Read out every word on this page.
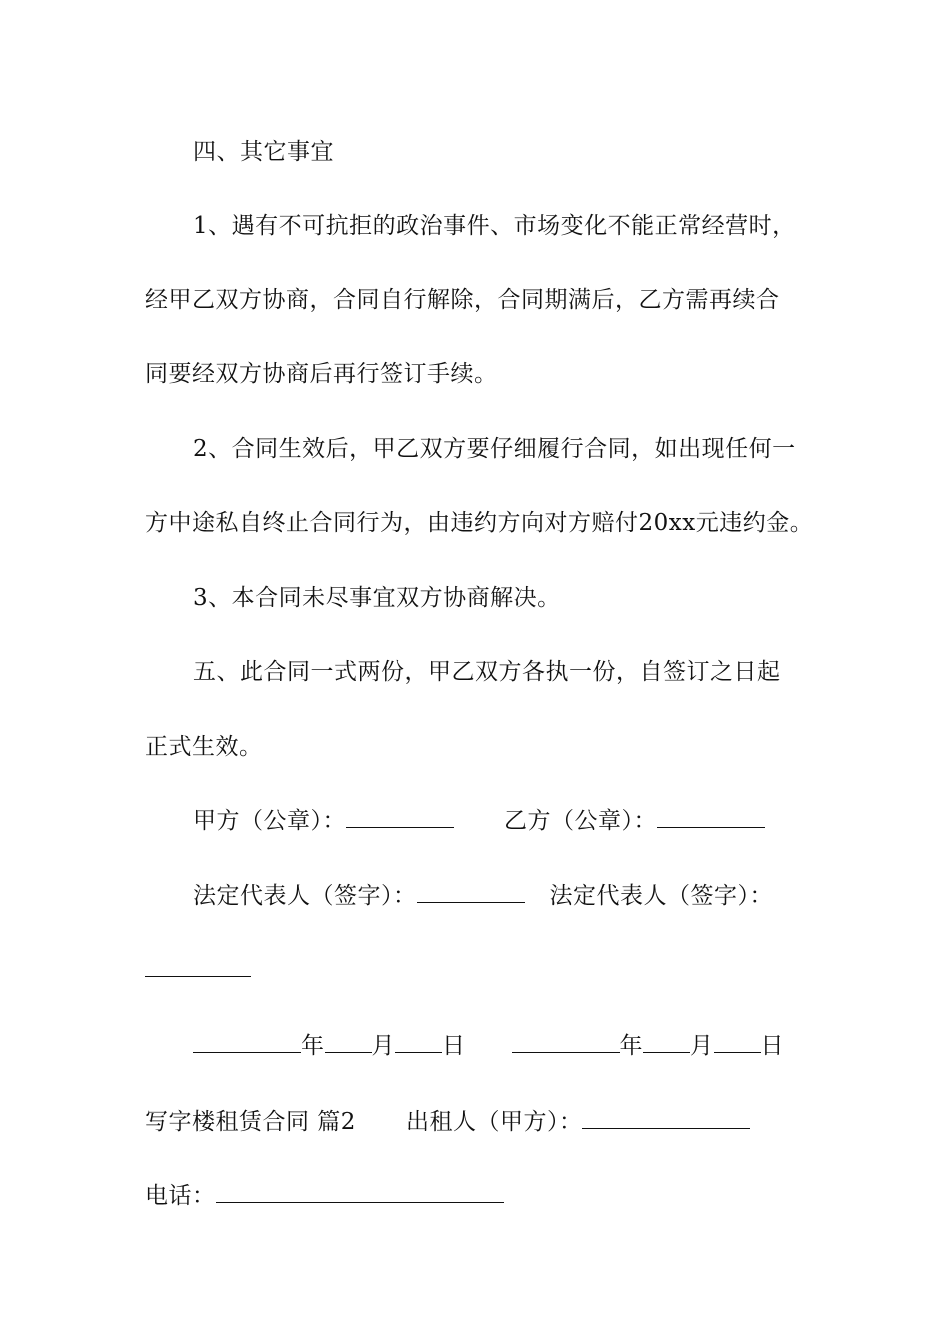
四、其它事宜
1、遇有不可抗拒的政治事件、市场变化不能正常经营时，
经甲乙双方协商，合同自行解除，合同期满后，乙方需再续合
同要经双方协商后再行签订手续。
2、合同生效后，甲乙双方要仔细履行合同，如出现任何一
方中途私自终止合同行为，由违约方向对方赔付20xx元违约金。
3、本合同未尽事宜双方协商解决。
五、此合同一式两份，甲乙双方各执一份，自签订之日起
正式生效。
甲方（公章）：	乙方（公章）：
法定代表人（签字）：	法定代表人（签字）：
年 月 日	年 月 日
写字楼租赁合同 篇2 出租人（甲方）：
电话：
